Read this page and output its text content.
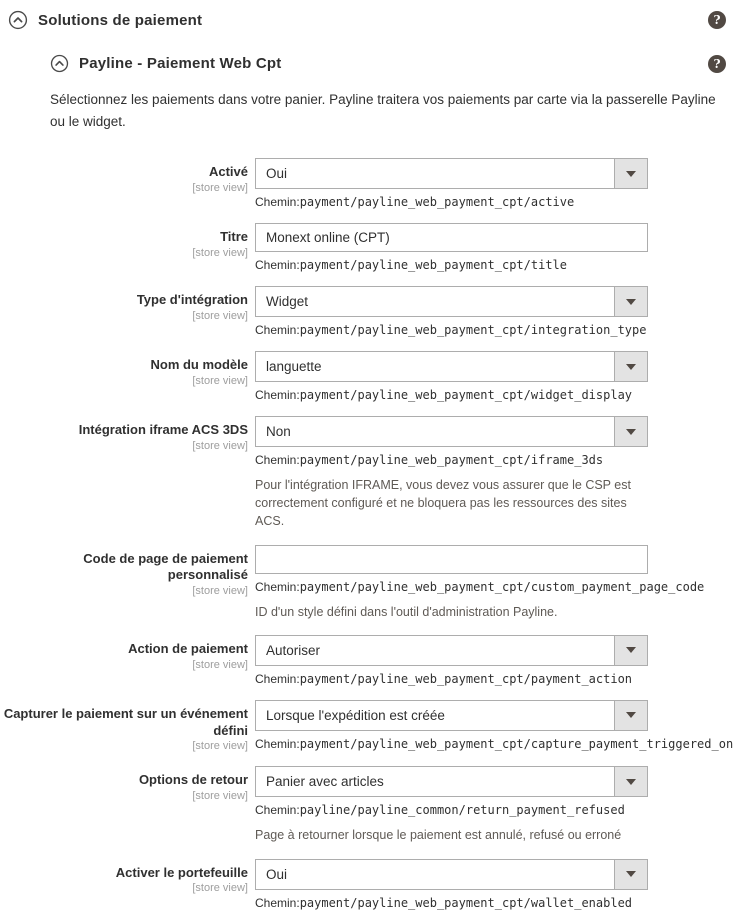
Solutions de paiement	?
Payline - Paiement Web Cpt	?

Sélectionnez les paiements dans votre panier. Payline traitera vos paiements par carte via la passerelle Payline ou le widget.

Activé
[store view]
Oui
Chemin:payment/payline_web_payment_cpt/active
Titre
[store view]
Monext online (CPT)
Chemin:payment/payline_web_payment_cpt/title
Type d'intégration
[store view]
Widget
Chemin:payment/payline_web_payment_cpt/integration_type
Nom du modèle
[store view]
languette
Chemin:payment/payline_web_payment_cpt/widget_display
Intégration iframe ACS 3DS
[store view]
Non
Chemin:payment/payline_web_payment_cpt/iframe_3ds
Pour l'intégration IFRAME, vous devez vous assurer que le CSP est correctement configuré et ne bloquera pas les ressources des sites ACS.
Code de page de paiement personnalisé
[store view] Chemin:payment/payline_web_payment_cpt/custom_payment_page_code
ID d'un style défini dans l'outil d'administration Payline.
Action de paiement
[store view]
Autoriser
Chemin:payment/payline_web_payment_cpt/payment_action
Capturer le paiement sur un événement défini
[store view]
Lorsque l'expédition est créée
Chemin:payment/payline_web_payment_cpt/capture_payment_triggered_on
Options de retour
[store view]
Panier avec articles
Chemin:payline/payline_common/return_payment_refused
Page à retourner lorsque le paiement est annulé, refusé ou erroné
Activer le portefeuille
[store view]
Oui
Chemin:payment/payline_web_payment_cpt/wallet_enabled
